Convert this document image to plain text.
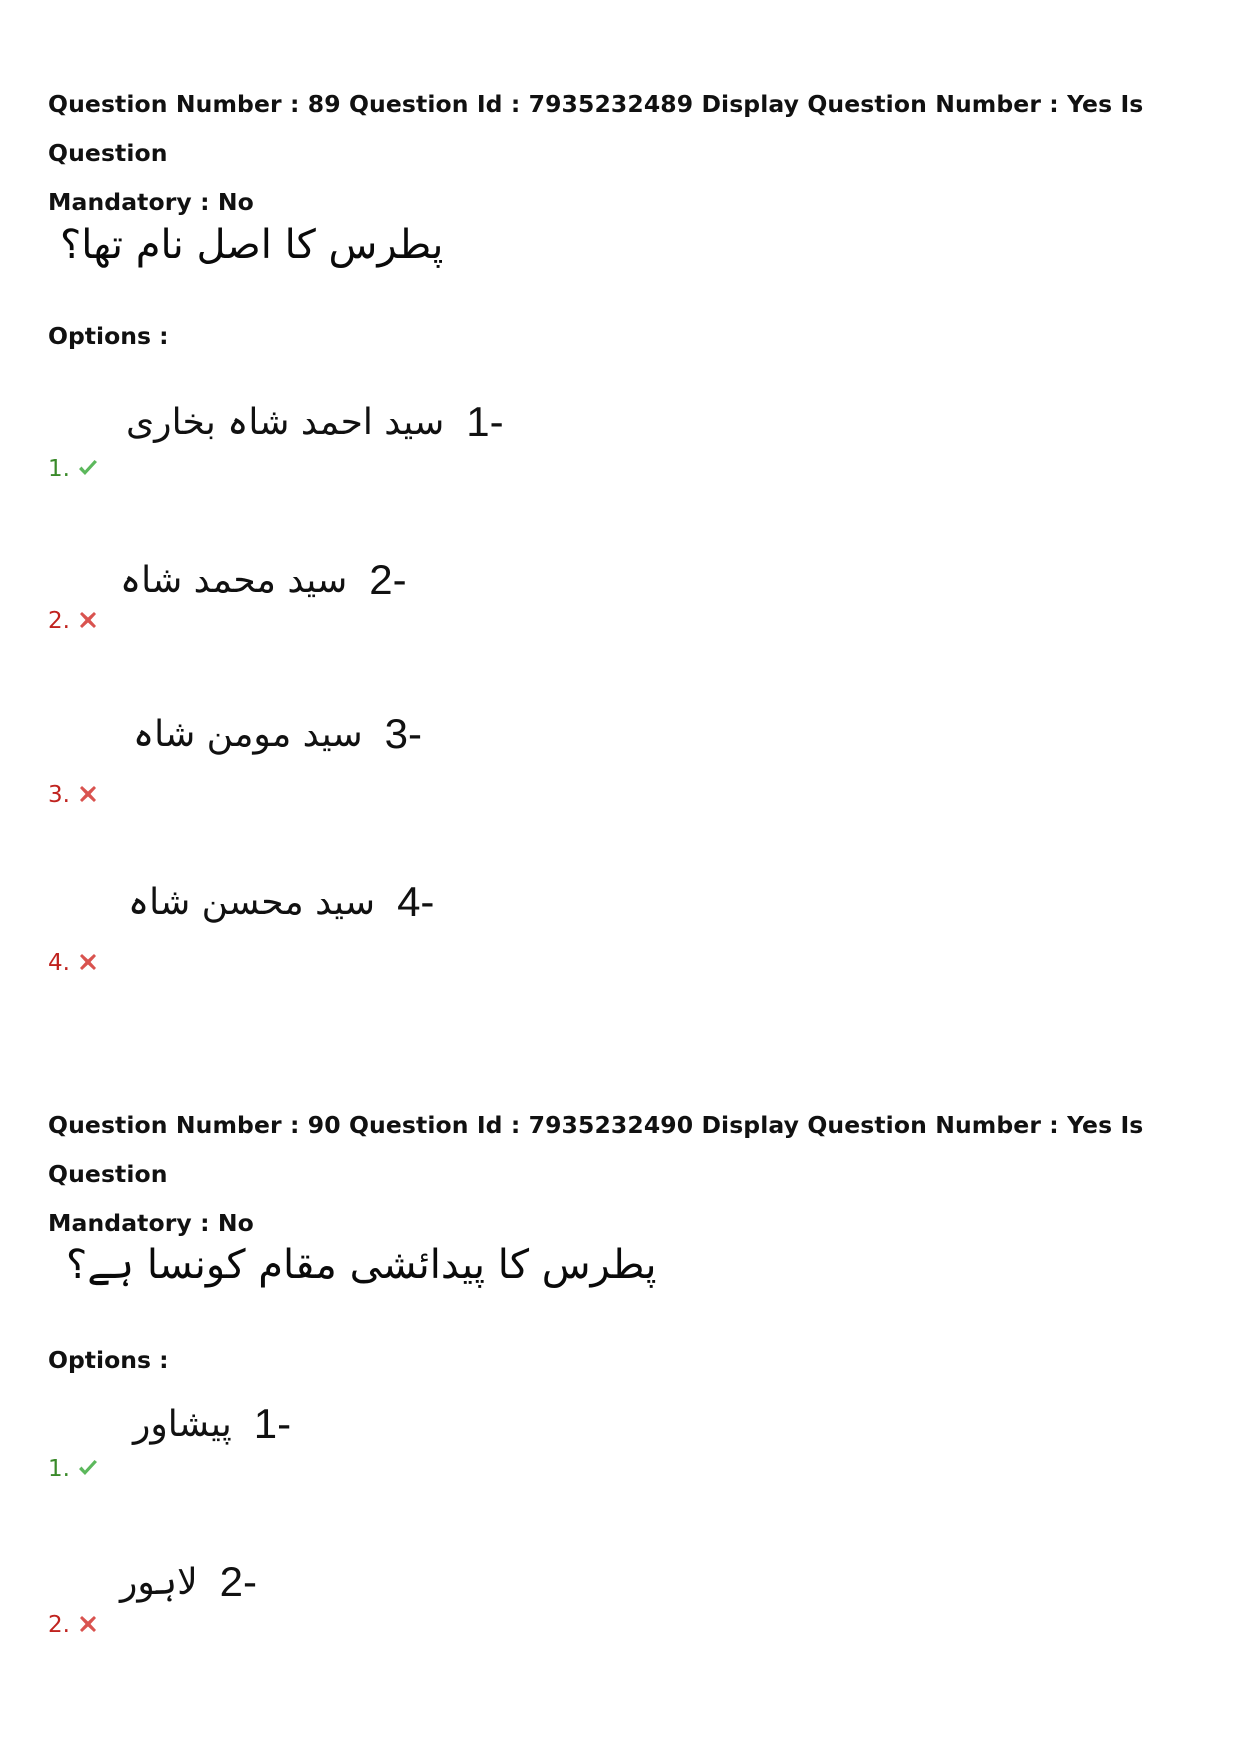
Question Number : 89 Question Id : 7935232489 Display Question Number : Yes Is Question
Mandatory : No
پطرس کا اصل نام تھا؟
Options :
1-
سید احمد شاہ بخاری
1.
2-
سید محمد شاہ
2.
3-
سید مومن شاہ
3.
4-
سید محسن شاہ
4.
Question Number : 90 Question Id : 7935232490 Display Question Number : Yes Is Question
Mandatory : No
پطرس کا پیدائشی مقام کونسا ہے؟
Options :
1-
پیشاور
1.
2-
لاہور
2.
